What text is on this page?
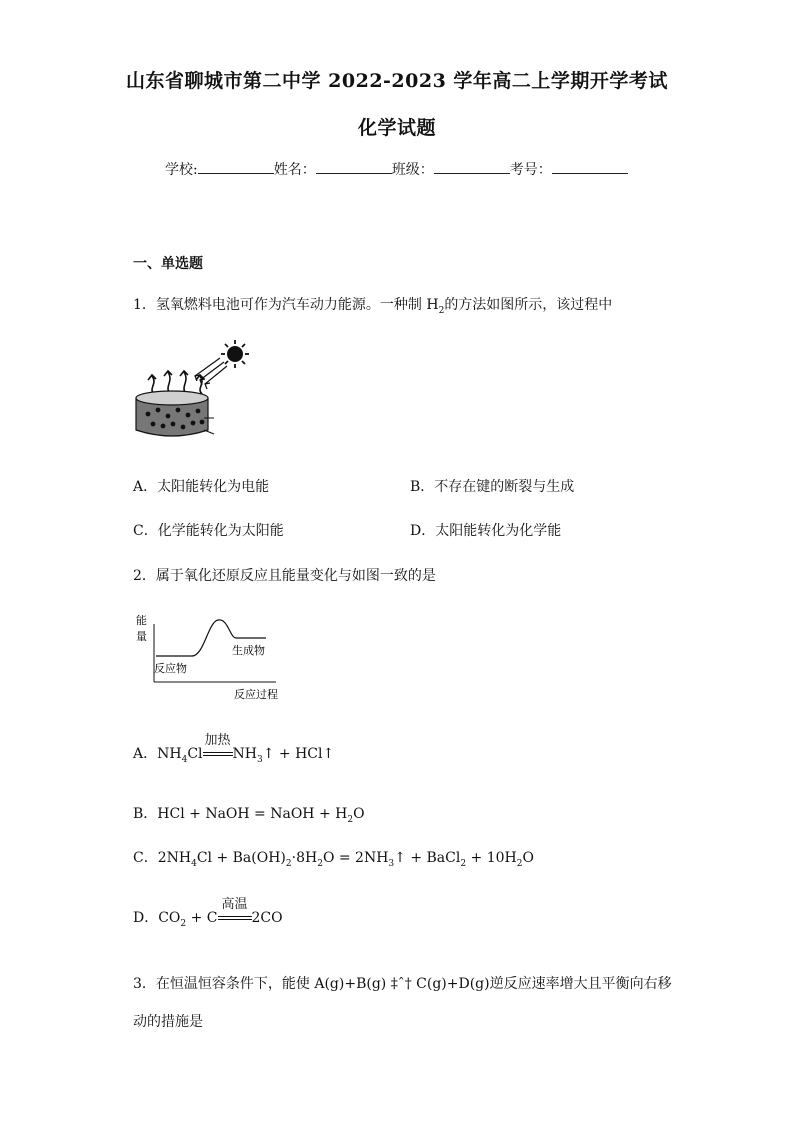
山东省聊城市第二中学 2022-2023 学年高二上学期开学考试
化学试题
学校:	姓名：	班级：	考号：
一、单选题
1．氢氧燃料电池可作为汽车动力能源。一种制 $H_2$的方法如图所示，该过程中
A．太阳能转化为电能	B．不存在键的断裂与生成
C．化学能转化为太阳能	D．太阳能转化为化学能
2．属于氧化还原反应且能量变化与如图一致的是
能
量
反应物
生成物
反应过程
A．$NH_4Cl$
加热
$NH_3↑$ + HCl↑
B．HCl + NaOH = NaOH + $H_2O$
C．$2NH_4Cl + Ba(OH)_2\cdot 8H_2O$ = $2NH_3↑$ + BaCl$_2$ + $10H_2O$
D．$CO_2 + C$
高温
2CO
3．在恒温恒容条件下，能使 A(g)+B(g) ‡ˆ† C(g)+D(g)逆反应速率增大且平衡向右移
动的措施是
